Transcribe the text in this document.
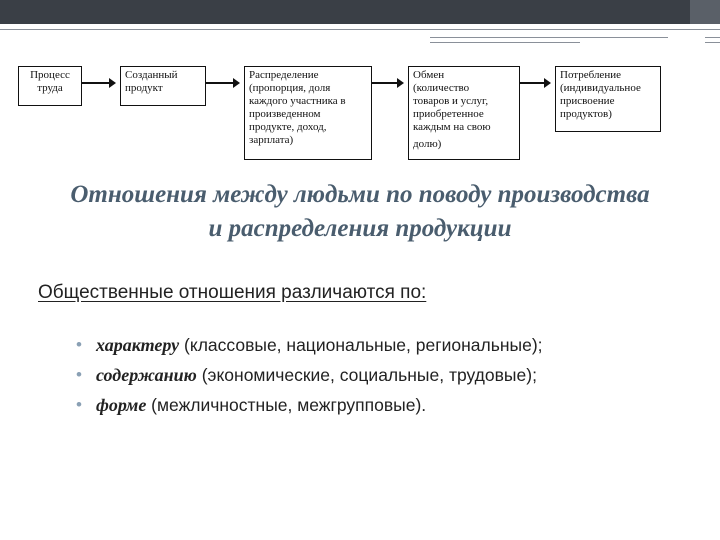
Процесс
труда
Созданный
продукт
Распределение
(пропорция, доля
каждого участника в
произведенном
продукте, доход,
зарплата)
Обмен
(количество
товаров и услуг,
приобретенное
каждым на свою
долю)
Потребление
(индивидуальное
присвоение
продуктов)
Отношения между людьми по поводу производства
и распределения продукции
Общественные отношения различаются по:
• характеру (классовые, национальные, региональные);
• содержанию (экономические, социальные, трудовые);
• форме (межличностные, межгрупповые).
